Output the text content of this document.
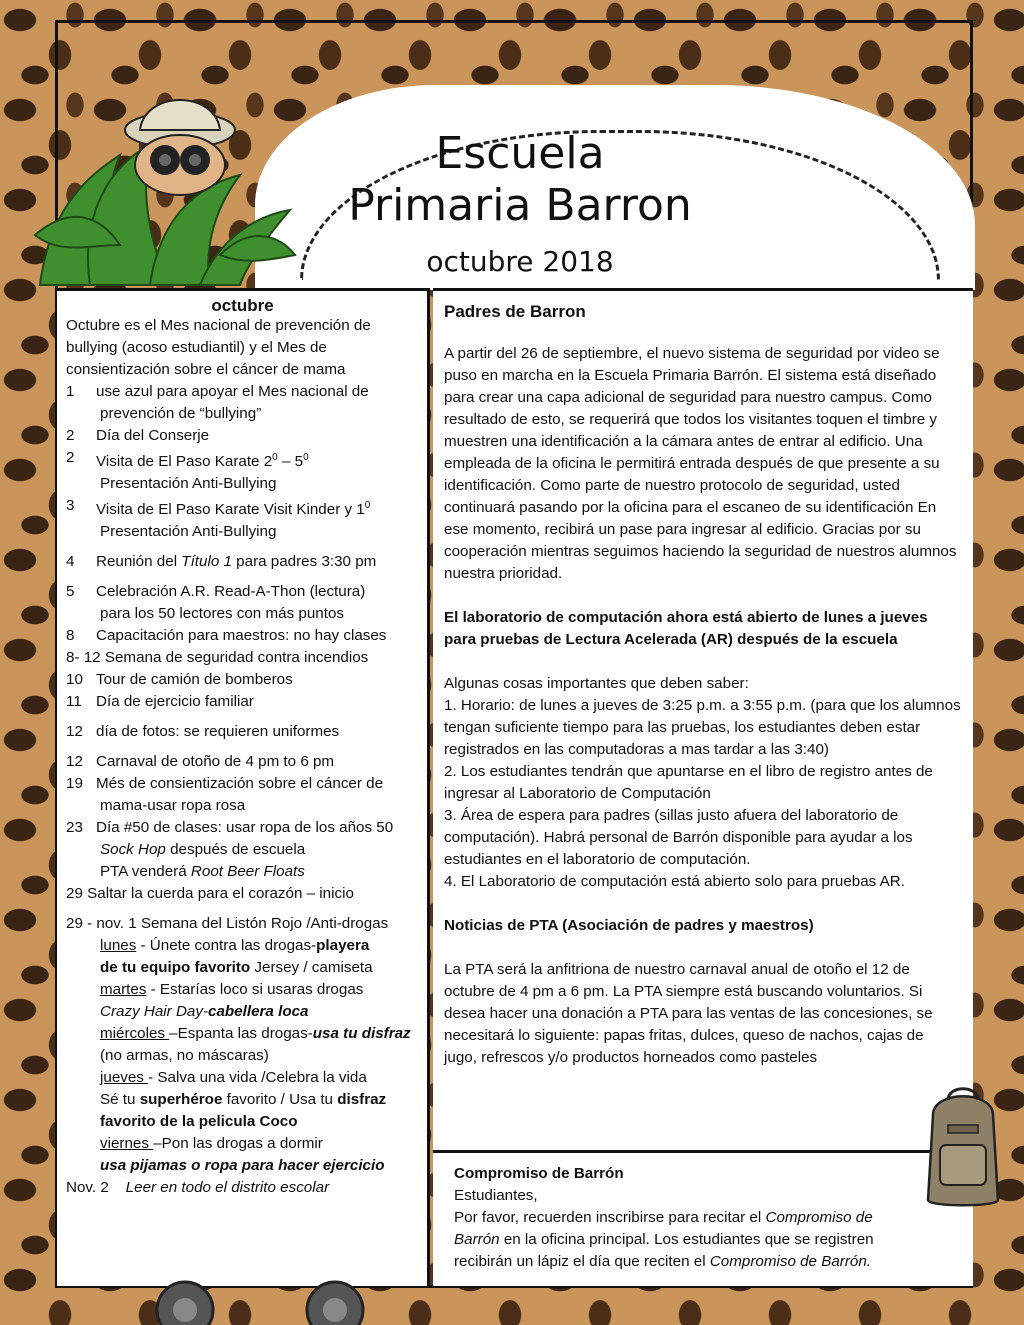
Escuela
Primaria Barron
octubre 2018
octubre
Octubre es el Mes nacional de prevención de bullying (acoso estudiantil) y el Mes de consientización sobre el cáncer de mama
1	use azul para apoyar el Mes nacional de
prevención de “bullying”
2	Día del Conserje
2	Visita de El Paso Karate $2^0 - 5^0$
Presentación Anti-Bullying
3	Visita de El Paso Karate Visit Kinder y $1^0$
Presentación Anti-Bullying
4	Reunión del Título 1 para padres 3:30 pm
5	Celebración A.R. Read-A-Thon (lectura)
para los 50 lectores con más puntos
8	Capacitación para maestros: no hay clases
8- 12 Semana de seguridad contra incendios
10 Tour de camión de bomberos
11 Día de ejercicio familiar
12 día de fotos: se requieren uniformes
12 Carnaval de otoño de 4 pm to 6 pm
19 Més de consientización sobre el cáncer de
mama-usar ropa rosa
23 Día #50 de clases: usar ropa de los años 50
Sock Hop después de escuela
PTA venderá Root Beer Floats
29 Saltar la cuerda para el corazón – inicio
29 - nov. 1 Semana del Listón Rojo /Anti-drogas
lunes - Únete contra las drogas-playera
de tu equipo favorito Jersey / camiseta
martes - Estarías loco si usaras drogas
Crazy Hair Day-cabellera loca
miércoles –Espanta las drogas-usa tu disfraz
(no armas, no máscaras)
jueves - Salva una vida /Celebra la vida
Sé tu superhéroe favorito / Usa tu disfraz
favorito de la pelicula Coco
viernes –Pon las drogas a dormir
usa pijamas o ropa para hacer ejercicio
Nov. 2 Leer en todo el distrito escolar
Padres de Barron

A partir del 26 de septiembre, el nuevo sistema de seguridad por video se puso en marcha en la Escuela Primaria Barrón. El sistema está diseñado para crear una capa adicional de seguridad para nuestro campus. Como resultado de esto, se requerirá que todos los visitantes toquen el timbre y muestren una identificación a la cámara antes de entrar al edificio. Una empleada de la oficina le permitirá entrada después de que presente a su identificación. Como parte de nuestro protocolo de seguridad, usted continuará pasando por la oficina para el escaneo de su identificación En ese momento, recibirá un pase para ingresar al edificio. Gracias por su cooperación mientras seguimos haciendo la seguridad de nuestros alumnos nuestra prioridad.

El laboratorio de computación ahora está abierto de lunes a jueves para pruebas de Lectura Acelerada (AR) después de la escuela

Algunas cosas importantes que deben saber:
1. Horario: de lunes a jueves de 3:25 p.m. a 3:55 p.m. (para que los alumnos tengan suficiente tiempo para las pruebas, los estudiantes deben estar registrados en las computadoras a mas tardar a las 3:40)
2. Los estudiantes tendrán que apuntarse en el libro de registro antes de ingresar al Laboratorio de Computación
3. Área de espera para padres (sillas justo afuera del laboratorio de computación). Habrá personal de Barrón disponible para ayudar a los estudiantes en el laboratorio de computación.
4. El Laboratorio de computación está abierto solo para pruebas AR.

Noticias de PTA (Asociación de padres y maestros)

La PTA será la anfitriona de nuestro carnaval anual de otoño el 12 de octubre de 4 pm a 6 pm. La PTA siempre está buscando voluntarios. Si desea hacer una donación a PTA para las ventas de las concesiones, se necesitará lo siguiente: papas fritas, dulces, queso de nachos, cajas de jugo, refrescos y/o productos horneados como pasteles

Compromiso de Barrón
Estudiantes,
Por favor, recuerden inscribirse para recitar el Compromiso de
Barrón en la oficina principal. Los estudiantes que se registren
recibirán un lápiz el día que reciten el Compromiso de Barrón.
